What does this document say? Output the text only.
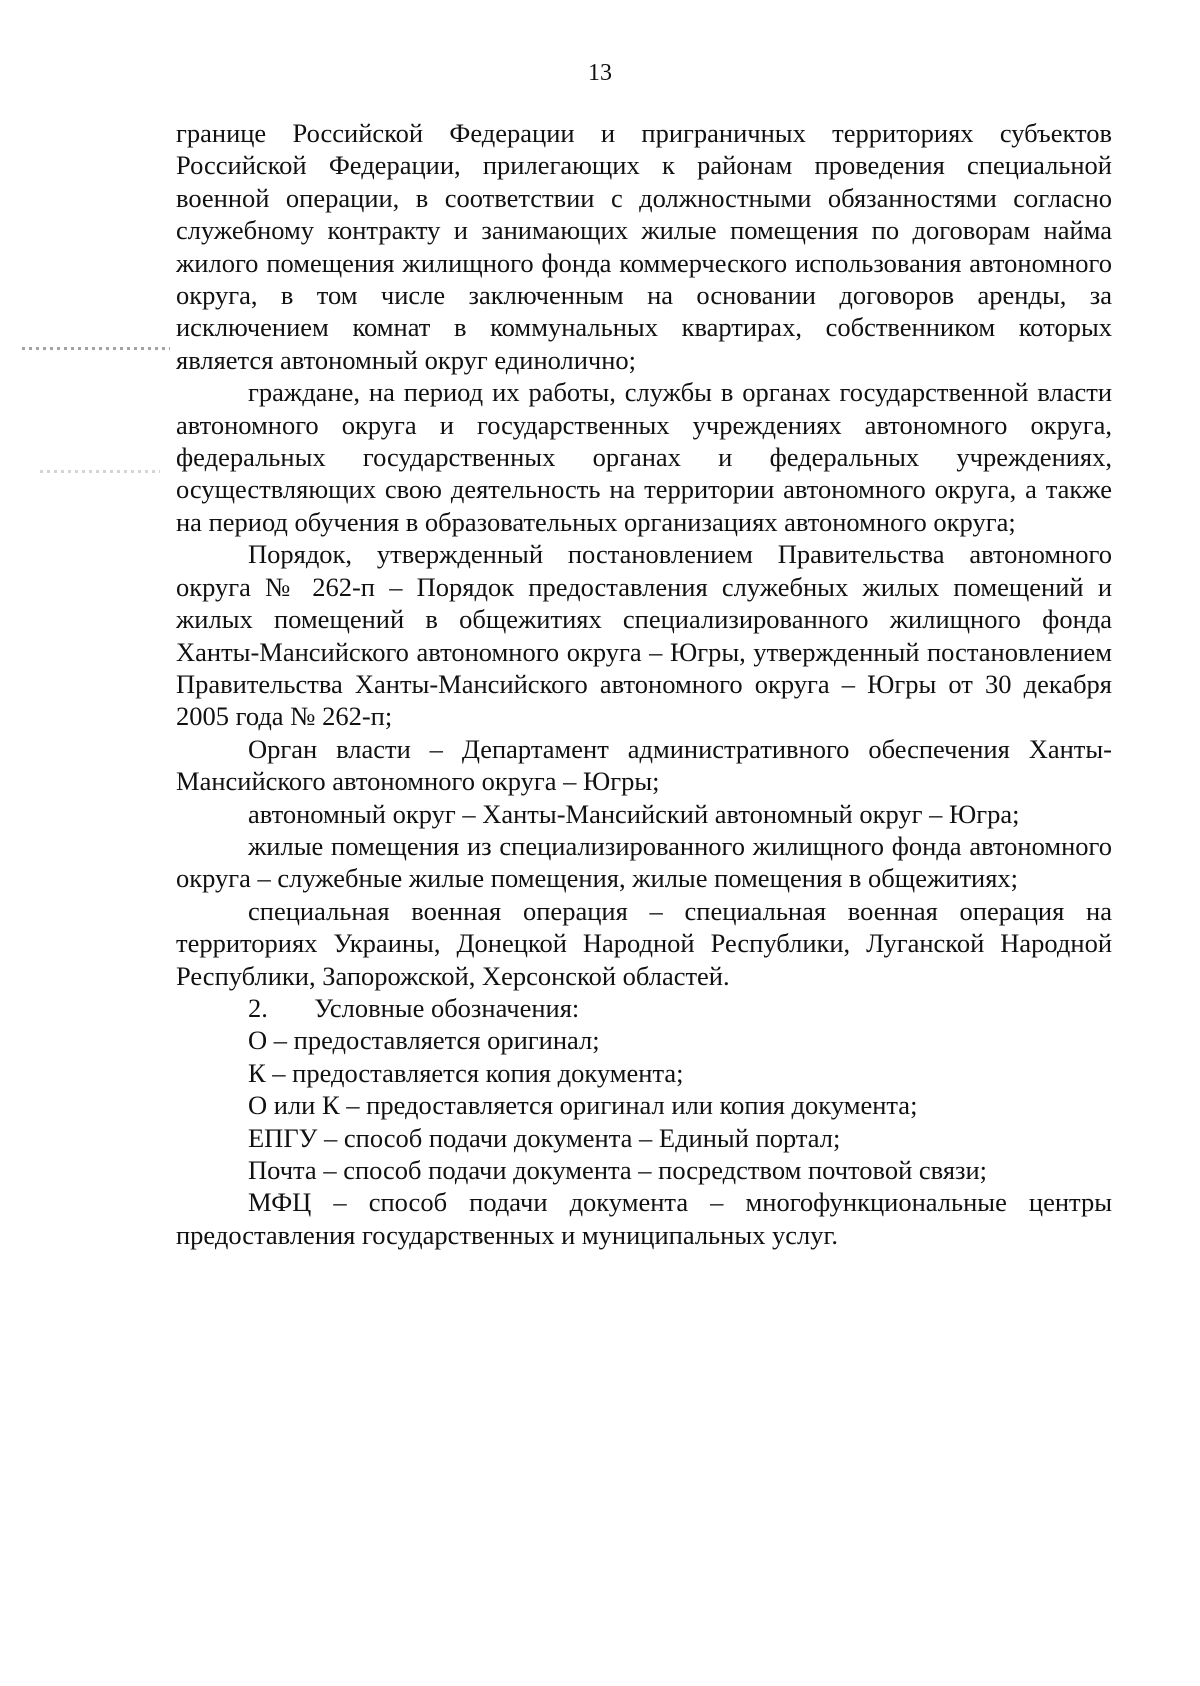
13

границе Российской Федерации и приграничных территориях субъектов Российской Федерации, прилегающих к районам проведения специальной военной операции, в соответствии с должностными обязанностями согласно служебному контракту и занимающих жилые помещения по договорам найма жилого помещения жилищного фонда коммерческого использования автономного округа, в том числе заключенным на основании договоров аренды, за исключением комнат в коммунальных квартирах, собственником которых является автономный округ единолично;

граждане, на период их работы, службы в органах государственной власти автономного округа и государственных учреждениях автономного округа, федеральных государственных органах и федеральных учреждениях, осуществляющих свою деятельность на территории автономного округа, а также на период обучения в образовательных организациях автономного округа;

Порядок, утвержденный постановлением Правительства автономного округа № 262-п – Порядок предоставления служебных жилых помещений и жилых помещений в общежитиях специализированного жилищного фонда Ханты-Мансийского автономного округа – Югры, утвержденный постановлением Правительства Ханты-Мансийского автономного округа – Югры от 30 декабря 2005 года № 262-п;

Орган власти – Департамент административного обеспечения Ханты-Мансийского автономного округа – Югры;

автономный округ – Ханты-Мансийский автономный округ – Югра;

жилые помещения из специализированного жилищного фонда автономного округа – служебные жилые помещения, жилые помещения в общежитиях;

специальная военная операция – специальная военная операция на территориях Украины, Донецкой Народной Республики, Луганской Народной Республики, Запорожской, Херсонской областей.

2.       Условные обозначения:

О – предоставляется оригинал;

К – предоставляется копия документа;

О или К – предоставляется оригинал или копия документа;

ЕПГУ – способ подачи документа – Единый портал;

Почта – способ подачи документа – посредством почтовой связи;

МФЦ – способ подачи документа – многофункциональные центры предоставления государственных и муниципальных услуг.
